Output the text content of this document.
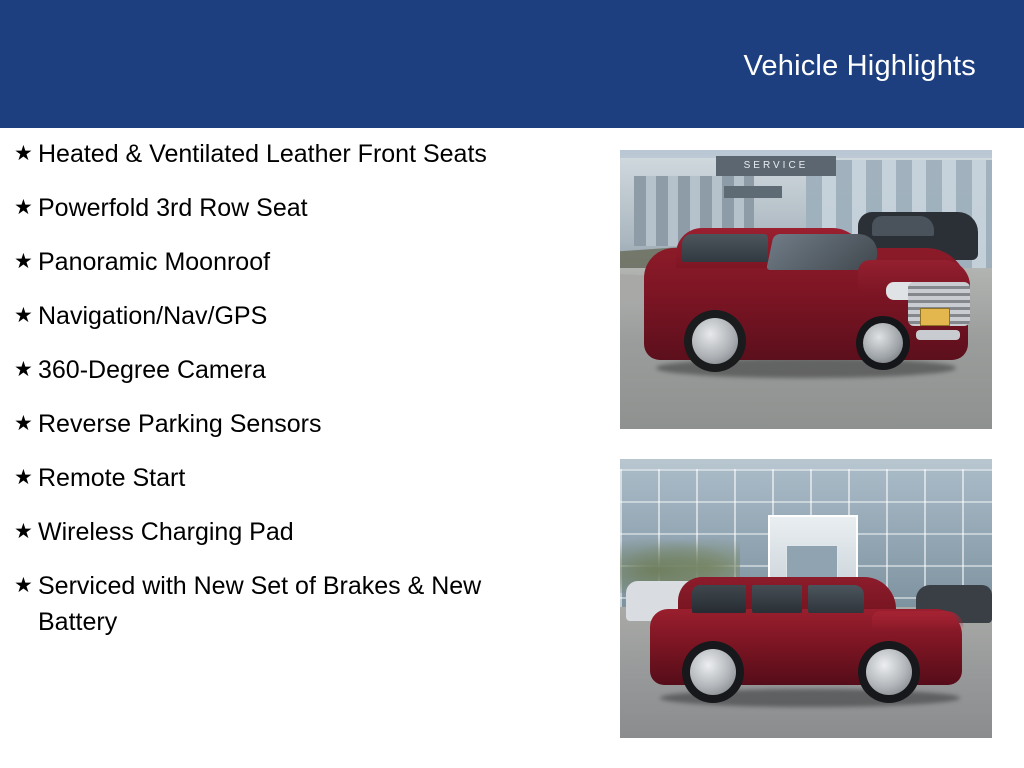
Vehicle Highlights
★ Heated & Ventilated Leather Front Seats
★ Powerfold 3rd Row Seat
★ Panoramic Moonroof
★ Navigation/Nav/GPS
★ 360-Degree Camera
★ Reverse Parking Sensors
★ Remote Start
★ Wireless Charging Pad
★ Serviced with New Set of Brakes & New Battery
SERVICE
